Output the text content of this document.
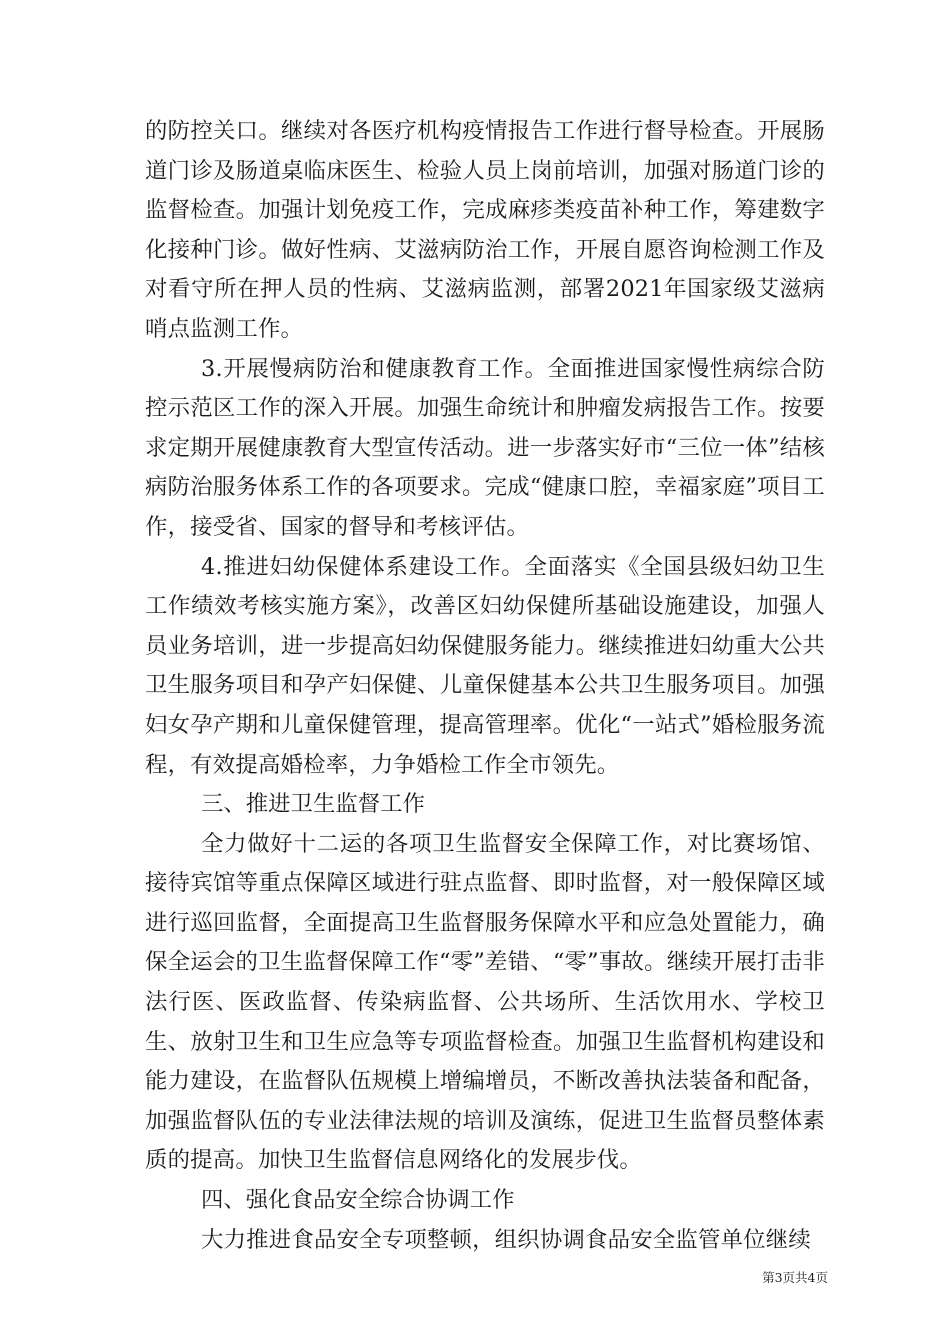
的防控关口。继续对各医疗机构疫情报告工作进行督导检查。开展肠道门诊及肠道桌临床医生、检验人员上岗前培训，加强对肠道门诊的监督检查。加强计划免疫工作，完成麻疹类疫苗补种工作，筹建数字化接种门诊。做好性病、艾滋病防治工作，开展自愿咨询检测工作及对看守所在押人员的性病、艾滋病监测，部署2021年国家级艾滋病哨点监测工作。

3.开展慢病防治和健康教育工作。全面推进国家慢性病综合防控示范区工作的深入开展。加强生命统计和肿瘤发病报告工作。按要求定期开展健康教育大型宣传活动。进一步落实好市“三位一体”结核病防治服务体系工作的各项要求。完成“健康口腔，幸福家庭”项目工作，接受省、国家的督导和考核评估。

4.推进妇幼保健体系建设工作。全面落实《全国县级妇幼卫生工作绩效考核实施方案》，改善区妇幼保健所基础设施建设，加强人员业务培训，进一步提高妇幼保健服务能力。继续推进妇幼重大公共卫生服务项目和孕产妇保健、儿童保健基本公共卫生服务项目。加强妇女孕产期和儿童保健管理，提高管理率。优化“一站式”婚检服务流程，有效提高婚检率，力争婚检工作全市领先。

三、推进卫生监督工作

全力做好十二运的各项卫生监督安全保障工作，对比赛场馆、接待宾馆等重点保障区域进行驻点监督、即时监督，对一般保障区域进行巡回监督，全面提高卫生监督服务保障水平和应急处置能力，确保全运会的卫生监督保障工作“零”差错、“零”事故。继续开展打击非法行医、医政监督、传染病监督、公共场所、生活饮用水、学校卫生、放射卫生和卫生应急等专项监督检查。加强卫生监督机构建设和能力建设，在监督队伍规模上增编增员，不断改善执法装备和配备，加强监督队伍的专业法律法规的培训及演练，促进卫生监督员整体素质的提高。加快卫生监督信息网络化的发展步伐。

四、强化食品安全综合协调工作

大力推进食品安全专项整顿，组织协调食品安全监管单位继续

第3页共4页
